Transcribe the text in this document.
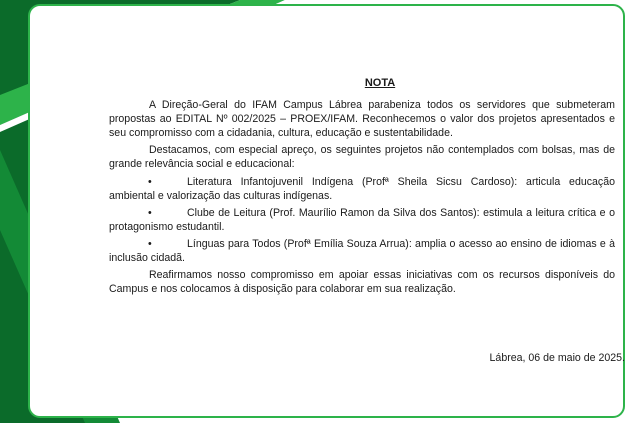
NOTA

A Direção-Geral do IFAM Campus Lábrea parabeniza todos os servidores que submeteram propostas ao EDITAL Nº 002/2025 – PROEX/IFAM. Reconhecemos o valor dos projetos apresentados e seu compromisso com a cidadania, cultura, educação e sustentabilidade.

Destacamos, com especial apreço, os seguintes projetos não contemplados com bolsas, mas de grande relevância social e educacional:

•	Literatura Infantojuvenil Indígena (Profª Sheila Sicsu Cardoso): articula educação ambiental e valorização das culturas indígenas.
•	Clube de Leitura (Prof. Maurílio Ramon da Silva dos Santos): estimula a leitura crítica e o protagonismo estudantil.
•	Línguas para Todos (Profª Emília Souza Arrua): amplia o acesso ao ensino de idiomas e à inclusão cidadã.

Reafirmamos nosso compromisso em apoiar essas iniciativas com os recursos disponíveis do Campus e nos colocamos à disposição para colaborar em sua realização.

Lábrea, 06 de maio de 2025.
